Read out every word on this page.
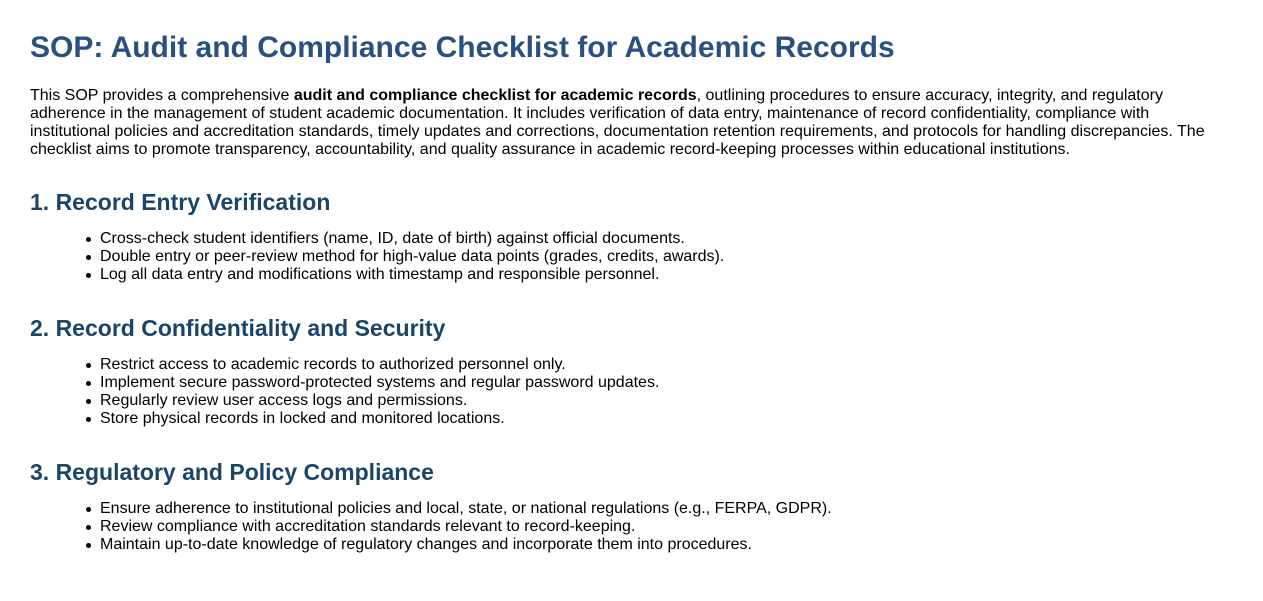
SOP: Audit and Compliance Checklist for Academic Records

This SOP provides a comprehensive audit and compliance checklist for academic records, outlining procedures to ensure accuracy, integrity, and regulatory adherence in the management of student academic documentation. It includes verification of data entry, maintenance of record confidentiality, compliance with institutional policies and accreditation standards, timely updates and corrections, documentation retention requirements, and protocols for handling discrepancies. The checklist aims to promote transparency, accountability, and quality assurance in academic record-keeping processes within educational institutions.

1. Record Entry Verification
Cross-check student identifiers (name, ID, date of birth) against official documents.
Double entry or peer-review method for high-value data points (grades, credits, awards).
Log all data entry and modifications with timestamp and responsible personnel.
2. Record Confidentiality and Security
Restrict access to academic records to authorized personnel only.
Implement secure password-protected systems and regular password updates.
Regularly review user access logs and permissions.
Store physical records in locked and monitored locations.
3. Regulatory and Policy Compliance
Ensure adherence to institutional policies and local, state, or national regulations (e.g., FERPA, GDPR).
Review compliance with accreditation standards relevant to record-keeping.
Maintain up-to-date knowledge of regulatory changes and incorporate them into procedures.
